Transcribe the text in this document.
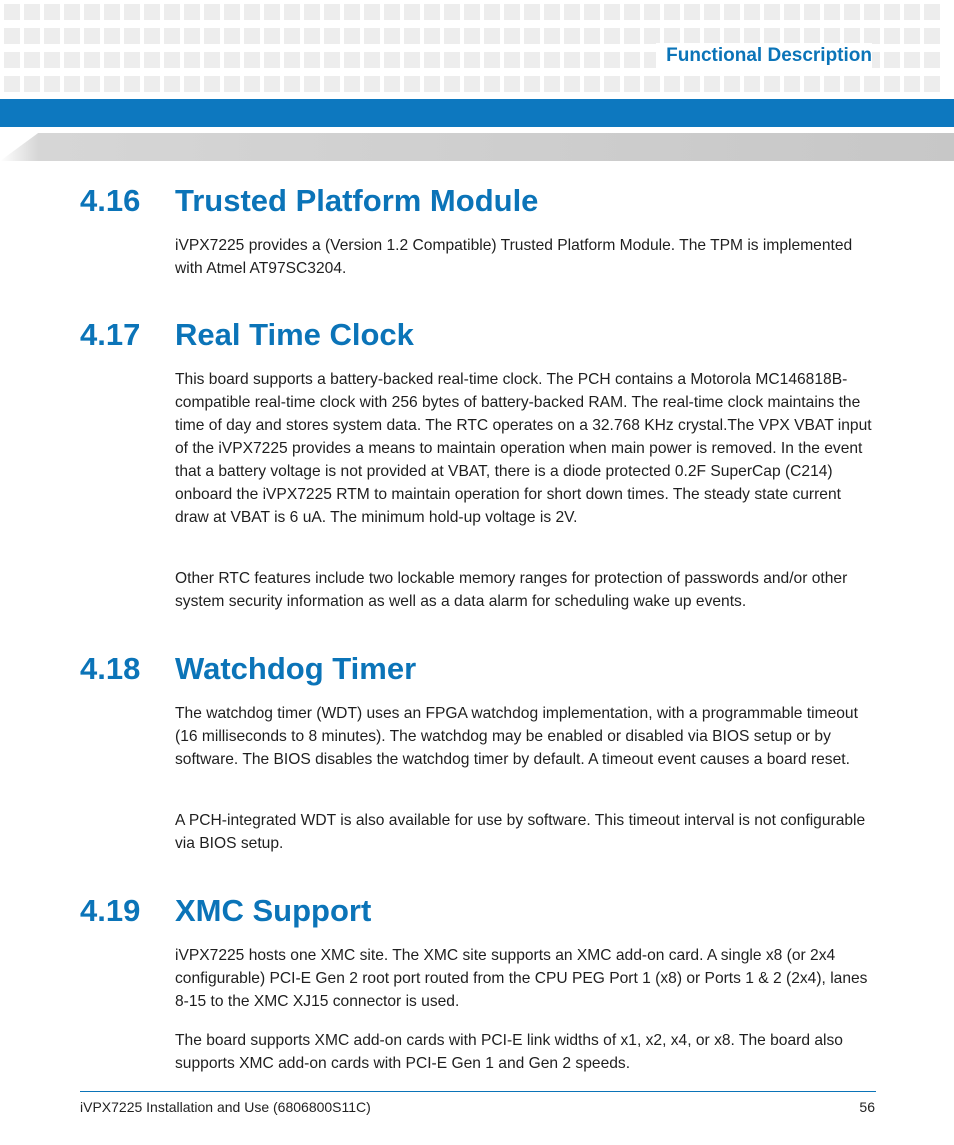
Functional Description
4.16 Trusted Platform Module

iVPX7225 provides a (Version 1.2 Compatible) Trusted Platform Module. The TPM is implemented with Atmel AT97SC3204.

4.17 Real Time Clock

This board supports a battery-backed real-time clock. The PCH contains a Motorola MC146818B-compatible real-time clock with 256 bytes of battery-backed RAM. The real-time clock maintains the time of day and stores system data. The RTC operates on a 32.768 KHz crystal.The VPX VBAT input of the iVPX7225 provides a means to maintain operation when main power is removed. In the event that a battery voltage is not provided at VBAT, there is a diode protected 0.2F SuperCap (C214) onboard the iVPX7225 RTM to maintain operation for short down times. The steady state current draw at VBAT is 6 uA. The minimum hold-up voltage is 2V.

Other RTC features include two lockable memory ranges for protection of passwords and/or other system security information as well as a data alarm for scheduling wake up events.

4.18 Watchdog Timer

The watchdog timer (WDT) uses an FPGA watchdog implementation, with a programmable timeout (16 milliseconds to 8 minutes). The watchdog may be enabled or disabled via BIOS setup or by software. The BIOS disables the watchdog timer by default. A timeout event causes a board reset.

A PCH-integrated WDT is also available for use by software. This timeout interval is not configurable via BIOS setup.

4.19 XMC Support

iVPX7225 hosts one XMC site. The XMC site supports an XMC add-on card. A single x8 (or 2x4 configurable) PCI-E Gen 2 root port routed from the CPU PEG Port 1 (x8) or Ports 1 & 2 (2x4), lanes 8-15 to the XMC XJ15 connector is used.

The board supports XMC add-on cards with PCI-E link widths of x1, x2, x4, or x8. The board also supports XMC add-on cards with PCI-E Gen 1 and Gen 2 speeds.

iVPX7225 Installation and Use (6806800S11C)	56
